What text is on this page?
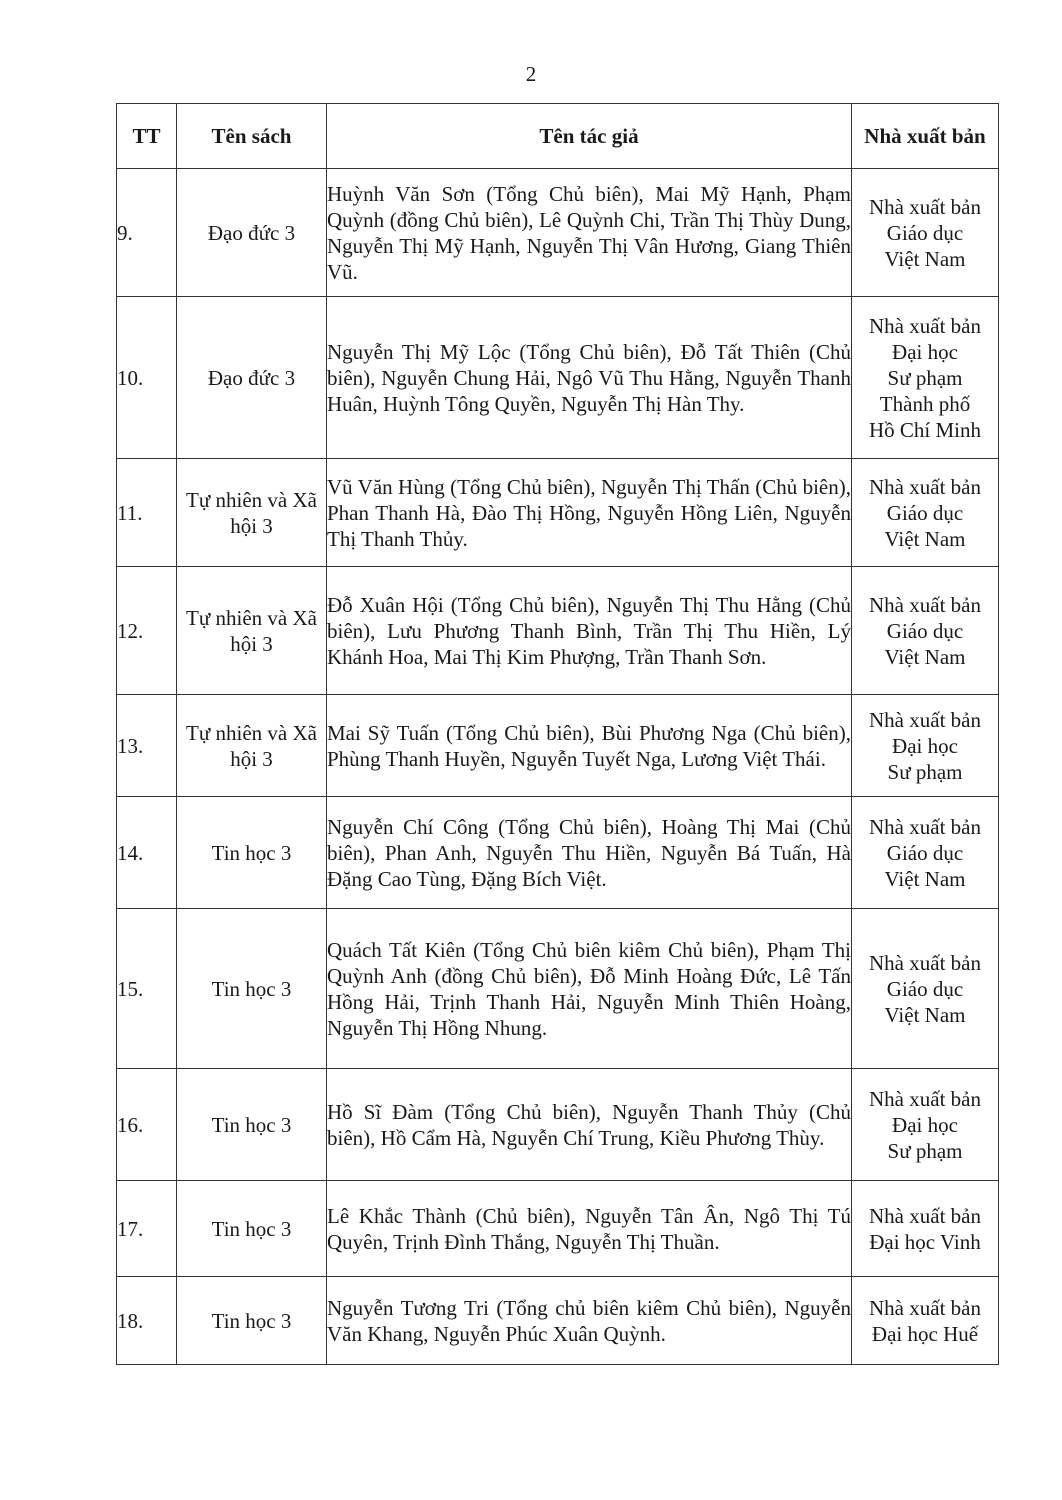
2
TT	Tên sách	Tên tác giả	Nhà xuất bản
9.	Đạo đức 3	Huỳnh Văn Sơn (Tổng Chủ biên), Mai Mỹ Hạnh, Phạm Quỳnh (đồng Chủ biên), Lê Quỳnh Chi, Trần Thị Thùy Dung, Nguyễn Thị Mỹ Hạnh, Nguyễn Thị Vân Hương, Giang Thiên Vũ.	Nhà xuất bản
Giáo dục
Việt Nam

10.	Đạo đức 3	Nguyễn Thị Mỹ Lộc (Tổng Chủ biên), Đỗ Tất Thiên (Chủ biên), Nguyễn Chung Hải, Ngô Vũ Thu Hằng, Nguyễn Thanh Huân, Huỳnh Tông Quyền, Nguyễn Thị Hàn Thy.	Nhà xuất bản
Đại học
Sư phạm
Thành phố
Hồ Chí Minh

11.	Tự nhiên và Xã hội 3	Vũ Văn Hùng (Tổng Chủ biên), Nguyễn Thị Thấn (Chủ biên), Phan Thanh Hà, Đào Thị Hồng, Nguyễn Hồng Liên, Nguyễn Thị Thanh Thủy.	Nhà xuất bản
Giáo dục
Việt Nam

12.	Tự nhiên và Xã hội 3	Đỗ Xuân Hội (Tổng Chủ biên), Nguyễn Thị Thu Hằng (Chủ biên), Lưu Phương Thanh Bình, Trần Thị Thu Hiền, Lý Khánh Hoa, Mai Thị Kim Phượng, Trần Thanh Sơn.	Nhà xuất bản
Giáo dục
Việt Nam

13.	Tự nhiên và Xã hội 3	Mai Sỹ Tuấn (Tổng Chủ biên), Bùi Phương Nga (Chủ biên), Phùng Thanh Huyền, Nguyễn Tuyết Nga, Lương Việt Thái.	Nhà xuất bản
Đại học
Sư phạm

14.	Tin học 3	Nguyễn Chí Công (Tổng Chủ biên), Hoàng Thị Mai (Chủ biên), Phan Anh, Nguyễn Thu Hiền, Nguyễn Bá Tuấn, Hà Đặng Cao Tùng, Đặng Bích Việt.	Nhà xuất bản
Giáo dục
Việt Nam

15.	Tin học 3	Quách Tất Kiên (Tổng Chủ biên kiêm Chủ biên), Phạm Thị Quỳnh Anh (đồng Chủ biên), Đỗ Minh Hoàng Đức, Lê Tấn Hồng Hải, Trịnh Thanh Hải, Nguyễn Minh Thiên Hoàng, Nguyễn Thị Hồng Nhung.	Nhà xuất bản
Giáo dục
Việt Nam

16.	Tin học 3	Hồ Sĩ Đàm (Tổng Chủ biên), Nguyễn Thanh Thủy (Chủ biên), Hồ Cẩm Hà, Nguyễn Chí Trung, Kiều Phương Thùy.	Nhà xuất bản
Đại học
Sư phạm

17.	Tin học 3	Lê Khắc Thành (Chủ biên), Nguyễn Tân Ân, Ngô Thị Tú Quyên, Trịnh Đình Thắng, Nguyễn Thị Thuần.	Nhà xuất bản
Đại học Vinh

18.	Tin học 3	Nguyễn Tương Tri (Tổng chủ biên kiêm Chủ biên), Nguyễn Văn Khang, Nguyễn Phúc Xuân Quỳnh.	Nhà xuất bản
Đại học Huế
